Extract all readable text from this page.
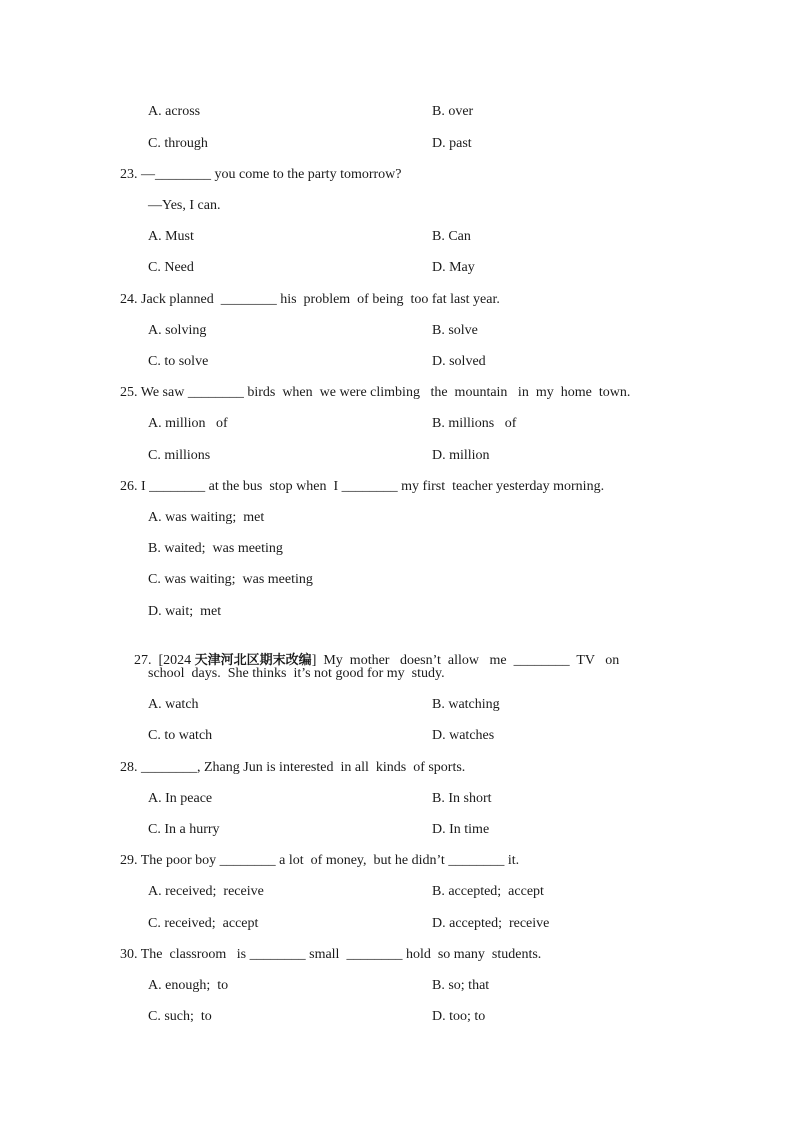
A. across	B. over
C. through	D. past
23. —________ you come to the party tomorrow?
—Yes, I can.
A. Must	B. Can
C. Need	D. May
24. Jack planned  ________ his  problem  of being  too fat last year.
A. solving	B. solve
C. to solve	D. solved
25. We saw ________ birds  when  we were climbing   the  mountain   in  my  home  town.
A. million   of	B. millions   of
C. millions	D. million
26. I ________ at the bus  stop when  I ________ my first  teacher yesterday morning.
A. was waiting;  met
B. waited;  was meeting
C. was waiting;  was meeting
D. wait;  met

27.  [2024 天津河北区期末改编]  My  mother   doesn’t  allow   me  ________  TV   on

school  days.  She thinks  it’s not good for my  study.
A. watch	B. watching
C. to watch	D. watches
28. ________, Zhang Jun is interested  in all  kinds  of sports.
A. In peace	B. In short
C. In a hurry	D. In time
29. The poor boy ________ a lot  of money,  but he didn’t ________ it.
A. received;  receive	B. accepted;  accept
C. received;  accept	D. accepted;  receive
30. The  classroom   is ________ small  ________ hold  so many  students.
A. enough;  to	B. so; that
C. such;  to	D. too; to
